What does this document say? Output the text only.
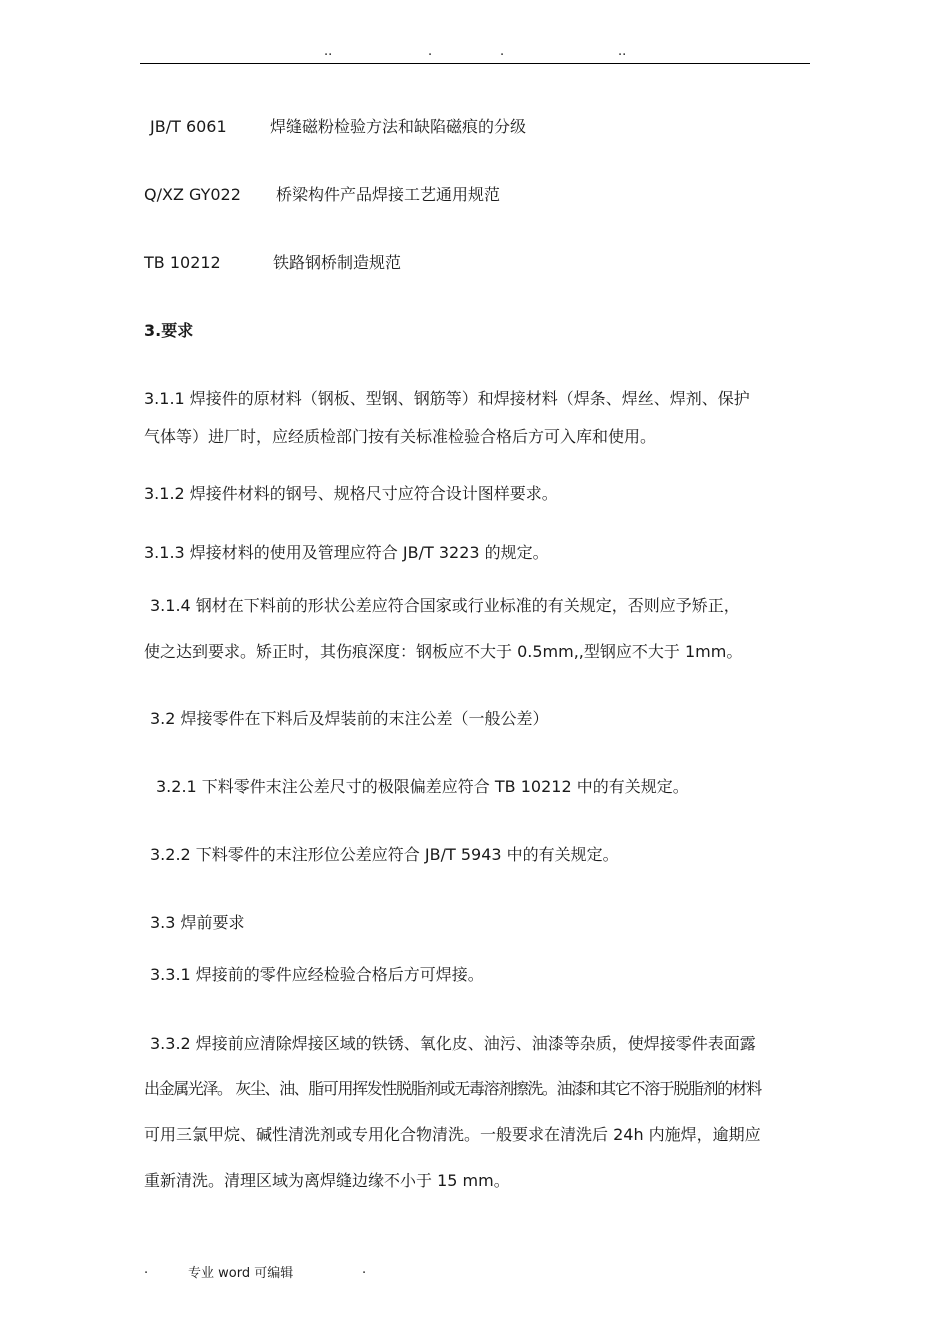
..	.	.	..
JB/T 6061	焊缝磁粉检验方法和缺陷磁痕的分级
Q/XZ GY022 桥梁构件产品焊接工艺通用规范
TB 10212	铁路钢桥制造规范
3.要求
3.1.1 焊接件的原材料（钢板、型钢、钢筋等）和焊接材料（焊条、焊丝、焊剂、保护
气体等）进厂时，应经质检部门按有关标准检验合格后方可入库和使用。
3.1.2 焊接件材料的钢号、规格尺寸应符合设计图样要求。
3.1.3 焊接材料的使用及管理应符合 JB/T 3223 的规定。
3.1.4 钢材在下料前的形状公差应符合国家或行业标准的有关规定，否则应予矫正，
使之达到要求。矫正时，其伤痕深度：钢板应不大于 0.5mm,,型钢应不大于 1mm。
3.2 焊接零件在下料后及焊装前的末注公差（一般公差）
3.2.1 下料零件末注公差尺寸的极限偏差应符合 TB 10212 中的有关规定。
3.2.2 下料零件的末注形位公差应符合 JB/T 5943 中的有关规定。
3.3 焊前要求
3.3.1 焊接前的零件应经检验合格后方可焊接。
3.3.2 焊接前应清除焊接区域的铁锈、氧化皮、油污、油漆等杂质，使焊接零件表面露
出金属光泽。 灰尘、油、脂可用挥发性脱脂剂或无毒溶剂擦洗。油漆和其它不溶于脱脂剂的材料
可用三氯甲烷、碱性清洗剂或专用化合物清洗。一般要求在清洗后 24h 内施焊，逾期应
重新清洗。清理区域为离焊缝边缘不小于 15 mm。
.	专业 word 可编辑	.
